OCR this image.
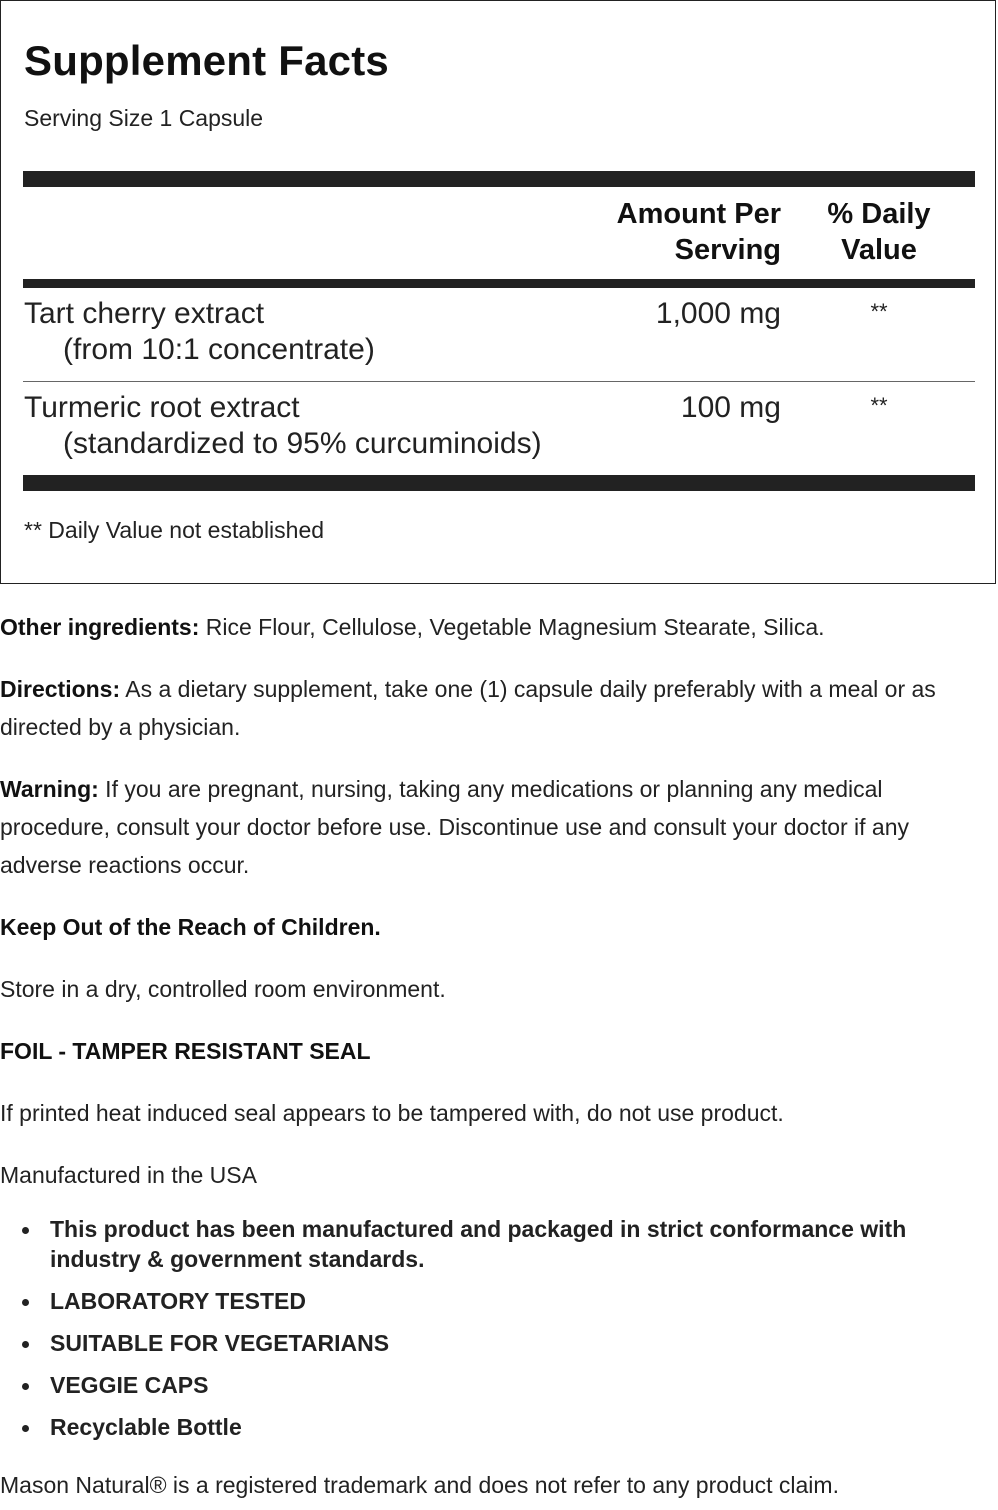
Supplement Facts
Serving Size 1 Capsule
Amount Per
Serving
% Daily
Value
Tart cherry extract
(from 10:1 concentrate)
1,000 mg	**
Turmeric root extract
(standardized to 95% curcuminoids)
100 mg	**
** Daily Value not established
Other ingredients: Rice Flour, Cellulose, Vegetable Magnesium Stearate, Silica.
Directions: As a dietary supplement, take one (1) capsule daily preferably with a meal or as directed by a physician.
Warning: If you are pregnant, nursing, taking any medications or planning any medical procedure, consult your doctor before use. Discontinue use and consult your doctor if any adverse reactions occur.
Keep Out of the Reach of Children.
Store in a dry, controlled room environment.
FOIL - TAMPER RESISTANT SEAL
If printed heat induced seal appears to be tampered with, do not use product.
Manufactured in the USA
This product has been manufactured and packaged in strict conformance with industry & government standards.
LABORATORY TESTED
SUITABLE FOR VEGETARIANS
VEGGIE CAPS
Recyclable Bottle
Mason Natural® is a registered trademark and does not refer to any product claim.
